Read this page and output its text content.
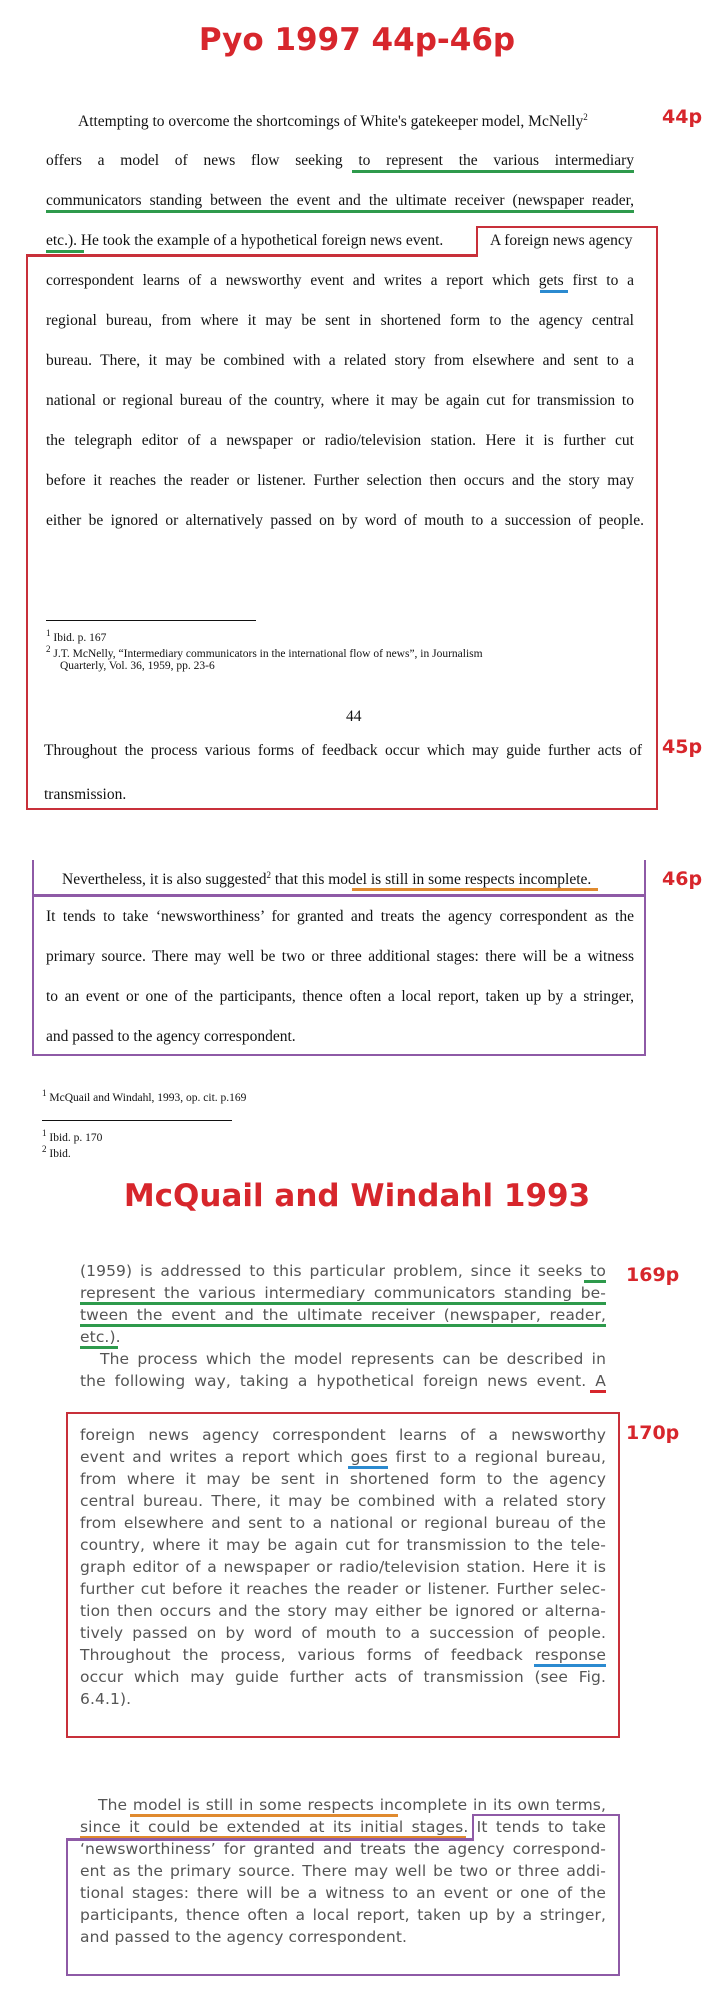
Pyo 1997 44p-46p
44p
45p
46p
Attempting to overcome the shortcomings of White's gatekeeper model, McNelly$^2$
offers a model of news flow seeking to represent the various intermediary
communicators standing between the event and the ultimate receiver (newspaper reader,
etc.). He took the example of a hypothetical foreign news event.	A foreign news agency
correspondent learns of a newsworthy event and writes a report which gets first to a
regional bureau, from where it may be sent in shortened form to the agency central
bureau. There, it may be combined with a related story from elsewhere and sent to a
national or regional bureau of the country, where it may be again cut for transmission to
the telegraph editor of a newspaper or radio/television station. Here it is further cut
before it reaches the reader or listener. Further selection then occurs and the story may
either be ignored or alternatively passed on by word of mouth to a succession of people.
$^1$ Ibid. p. 167
$^2$ J.T. McNelly, “Intermediary communicators in the international flow of news”, in Journalism
Quarterly, Vol. 36, 1959, pp. 23-6
44
Throughout the process various forms of feedback occur which may guide further acts of
transmission.
Nevertheless, it is also suggested$^2$ that this model is still in some respects incomplete.
It tends to take ‘newsworthiness’ for granted and treats the agency correspondent as the
primary source. There may well be two or three additional stages: there will be a witness
to an event or one of the participants, thence often a local report, taken up by a stringer,
and passed to the agency correspondent.
$^1$ McQuail and Windahl, 1993, op. cit. p.169
$^1$ Ibid. p. 170
$^2$ Ibid.
McQuail and Windahl 1993
169p
170p
(1959) is addressed to this particular problem, since it seeks to
represent the various intermediary communicators standing be-
tween the event and the ultimate receiver (newspaper, reader,
etc.).
The process which the model represents can be described in
the following way, taking a hypothetical foreign news event. A
foreign news agency correspondent learns of a newsworthy
event and writes a report which goes first to a regional bureau,
from where it may be sent in shortened form to the agency
central bureau. There, it may be combined with a related story
from elsewhere and sent to a national or regional bureau of the
country, where it may be again cut for transmission to the tele-
graph editor of a newspaper or radio/television station. Here it is
further cut before it reaches the reader or listener. Further selec-
tion then occurs and the story may either be ignored or alterna-
tively passed on by word of mouth to a succession of people.
Throughout the process, various forms of feedback response
occur which may guide further acts of transmission (see Fig.
6.4.1).
The model is still in some respects incomplete in its own terms,
since it could be extended at its initial stages. It tends to take
‘newsworthiness’ for granted and treats the agency correspond-
ent as the primary source. There may well be two or three addi-
tional stages: there will be a witness to an event or one of the
participants, thence often a local report, taken up by a stringer,
and passed to the agency correspondent.
